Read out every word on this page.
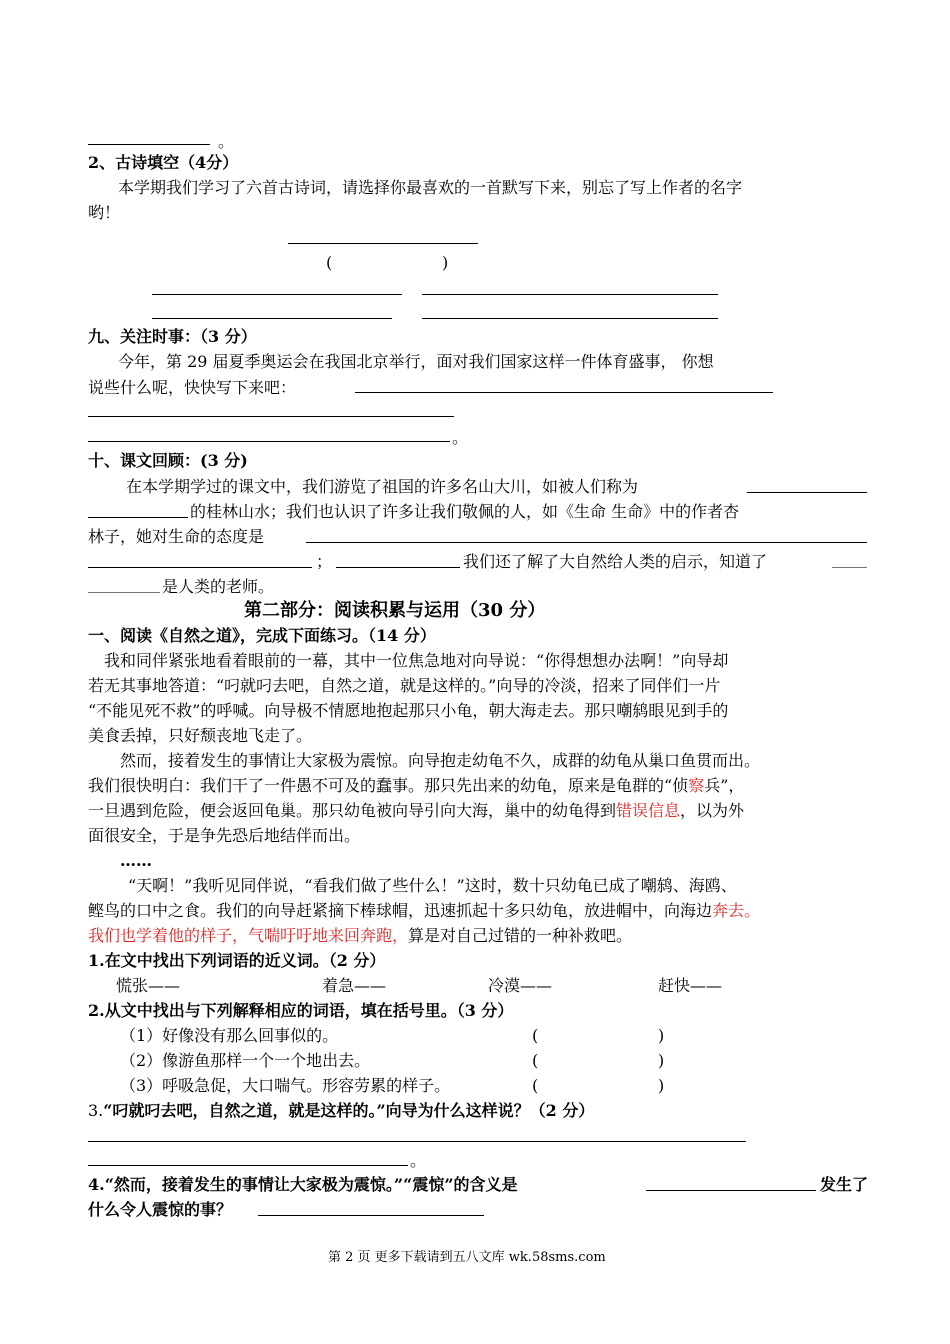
。
2、古诗填空（4分）
本学期我们学习了六首古诗词，请选择你最喜欢的一首默写下来，别忘了写上作者的名字
哟！
(	)
九、关注时事：（3 分）
今年，第 29 届夏季奥运会在我国北京举行，面对我们国家这样一件体育盛事， 你想
说些什么呢，快快写下来吧：
。
十、课文回顾：(3 分)
在本学期学过的课文中，我们游览了祖国的许多名山大川，如被人们称为
的桂林山水；我们也认识了许多让我们敬佩的人，如《生命 生命》中的作者杏
林子，她对生命的态度是
；	我们还了解了大自然给人类的启示，知道了
是人类的老师。
第二部分：阅读积累与运用（30 分）
一、阅读《自然之道》，完成下面练习。（14 分）
我和同伴紧张地看着眼前的一幕，其中一位焦急地对向导说：“你得想想办法啊！”向导却
若无其事地答道：“叼就叼去吧，自然之道，就是这样的。”向导的冷淡，招来了同伴们一片
“不能见死不救”的呼喊。向导极不情愿地抱起那只小龟，朝大海走去。那只嘲鸫眼见到手的
美食丢掉，只好颓丧地飞走了。
然而，接着发生的事情让大家极为震惊。向导抱走幼龟不久，成群的幼龟从巢口鱼贯而出。
我们很快明白：我们干了一件愚不可及的蠢事。那只先出来的幼龟，原来是龟群的“侦察兵”，
一旦遇到危险，便会返回龟巢。那只幼龟被向导引向大海，巢中的幼龟得到错误信息，以为外
面很安全，于是争先恐后地结伴而出。
……
“天啊！”我听见同伴说，“看我们做了些什么！”这时，数十只幼龟已成了嘲鸫、海鸥、
鲣鸟的口中之食。我们的向导赶紧摘下棒球帽，迅速抓起十多只幼龟，放进帽中，向海边奔去。
我们也学着他的样子，气喘吁吁地来回奔跑，算是对自己过错的一种补救吧。
1.在文中找出下列词语的近义词。（2 分）
慌张——	着急——	冷漠——	赶快——
2.从文中找出与下列解释相应的词语，填在括号里。（3 分）
（1）好像没有那么回事似的。	(	)
（2）像游鱼那样一个一个地出去。	(	)
（3）呼吸急促，大口喘气。形容劳累的样子。	(	)
3.“叼就叼去吧，自然之道，就是这样的。”向导为什么这样说？（2 分）
。
4.“然而，接着发生的事情让大家极为震惊。”“震惊”的含义是	发生了
什么令人震惊的事？
第 2 页 更多下载请到五八文库 wk.58sms.com
